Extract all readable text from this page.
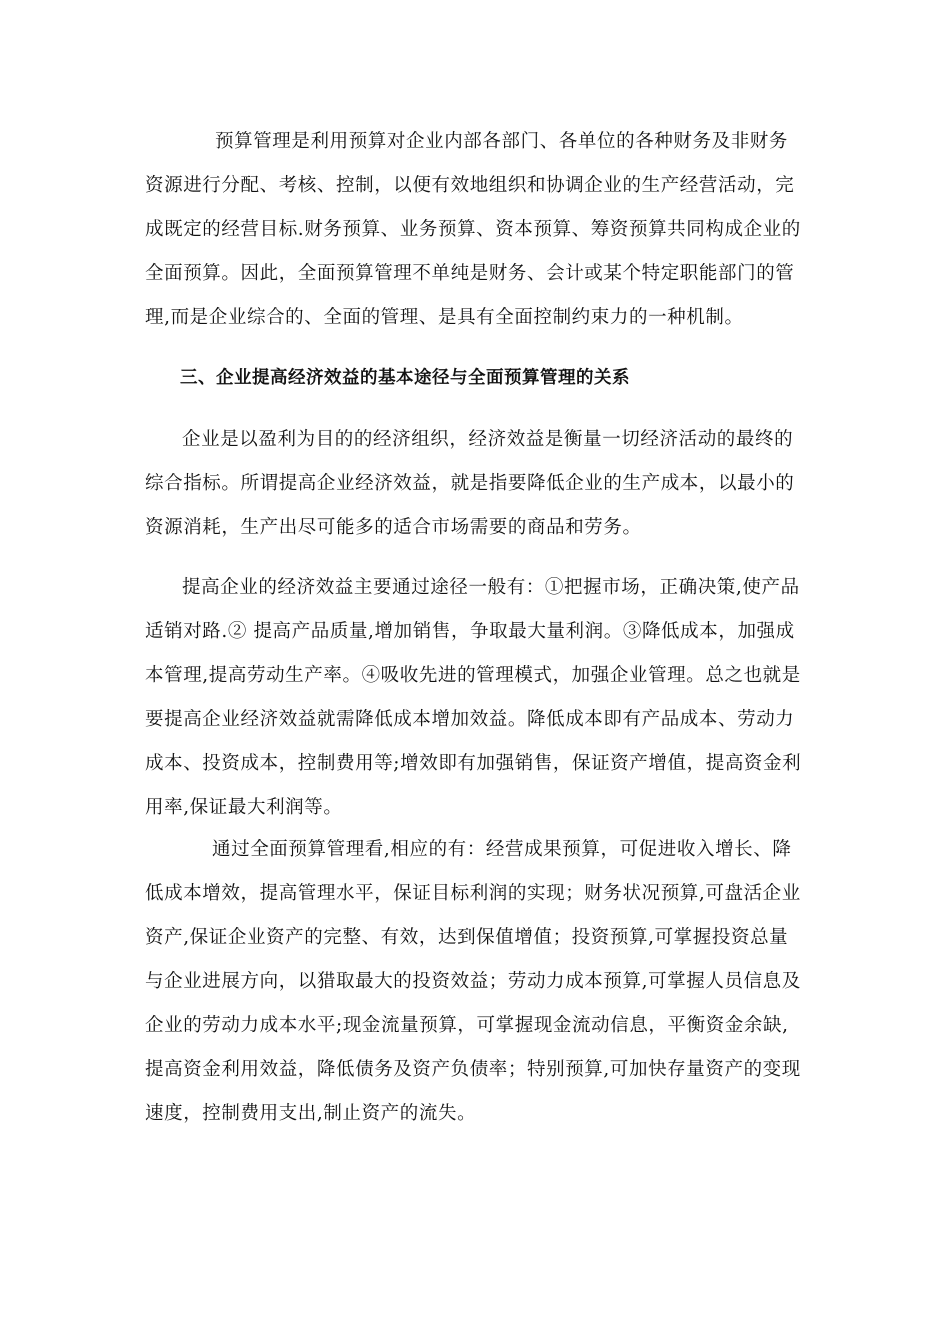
预算管理是利用预算对企业内部各部门、各单位的各种财务及非财务
资源进行分配、考核、控制，以便有效地组织和协调企业的生产经营活动，完
成既定的经营目标.财务预算、业务预算、资本预算、筹资预算共同构成企业的
全面预算。因此，全面预算管理不单纯是财务、会计或某个特定职能部门的管
理,而是企业综合的、全面的管理、是具有全面控制约束力的一种机制。
三、企业提高经济效益的基本途径与全面预算管理的关系
企业是以盈利为目的的经济组织，经济效益是衡量一切经济活动的最终的
综合指标。所谓提高企业经济效益，就是指要降低企业的生产成本，以最小的
资源消耗，生产出尽可能多的适合市场需要的商品和劳务。
提高企业的经济效益主要通过途径一般有：①把握市场，正确决策,使产品
适销对路.② 提高产品质量,增加销售，争取最大量利润。③降低成本，加强成
本管理,提高劳动生产率。④吸收先进的管理模式，加强企业管理。总之也就是
要提高企业经济效益就需降低成本增加效益。降低成本即有产品成本、劳动力
成本、投资成本，控制费用等;增效即有加强销售，保证资产增值，提高资金利
用率,保证最大利润等。
通过全面预算管理看,相应的有：经营成果预算，可促进收入增长、降
低成本增效，提高管理水平，保证目标利润的实现；财务状况预算,可盘活企业
资产,保证企业资产的完整、有效，达到保值增值；投资预算,可掌握投资总量
与企业进展方向，以猎取最大的投资效益；劳动力成本预算,可掌握人员信息及
企业的劳动力成本水平;现金流量预算，可掌握现金流动信息，平衡资金余缺,
提高资金利用效益，降低债务及资产负债率；特别预算,可加快存量资产的变现
速度，控制费用支出,制止资产的流失。
